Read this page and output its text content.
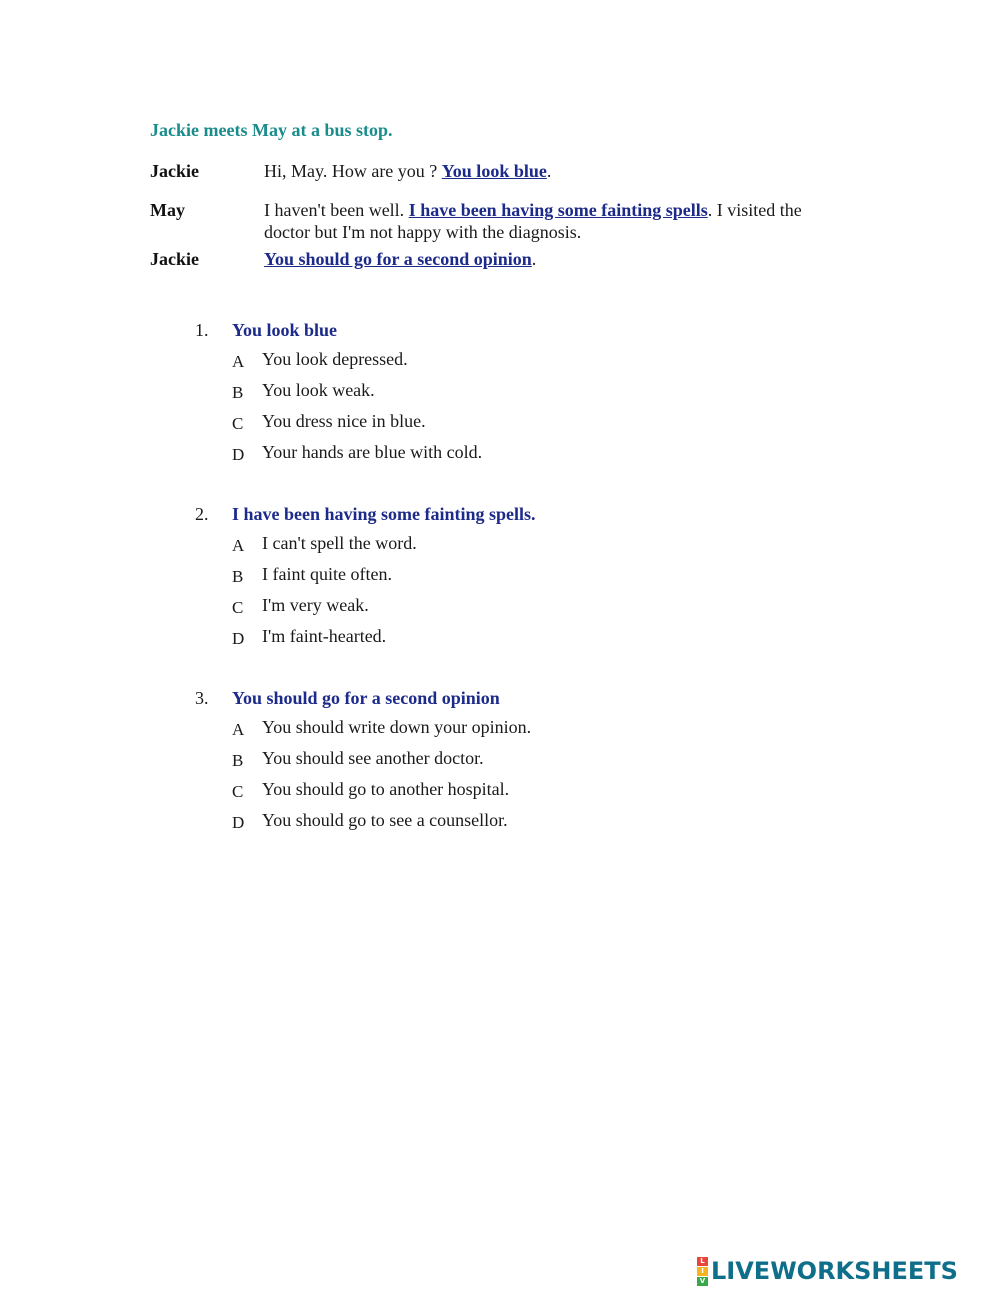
Jackie meets May at a bus stop.
Jackie	Hi, May. How are you ? You look blue.
May	I haven't been well. I have been having some fainting spells. I visited the doctor but I'm not happy with the diagnosis.
Jackie	You should go for a second opinion.
1. You look blue
A You look depressed.
B You look weak.
C You dress nice in blue.
D Your hands are blue with cold.
2. I have been having some fainting spells.
A I can't spell the word.
B I faint quite often.
C I'm very weak.
D I'm faint-hearted.
3. You should go for a second opinion
A You should write down your opinion.
B You should see another doctor.
C You should go to another hospital.
D You should go to see a counsellor.
L
I
V LIVEWORKSHEETS
